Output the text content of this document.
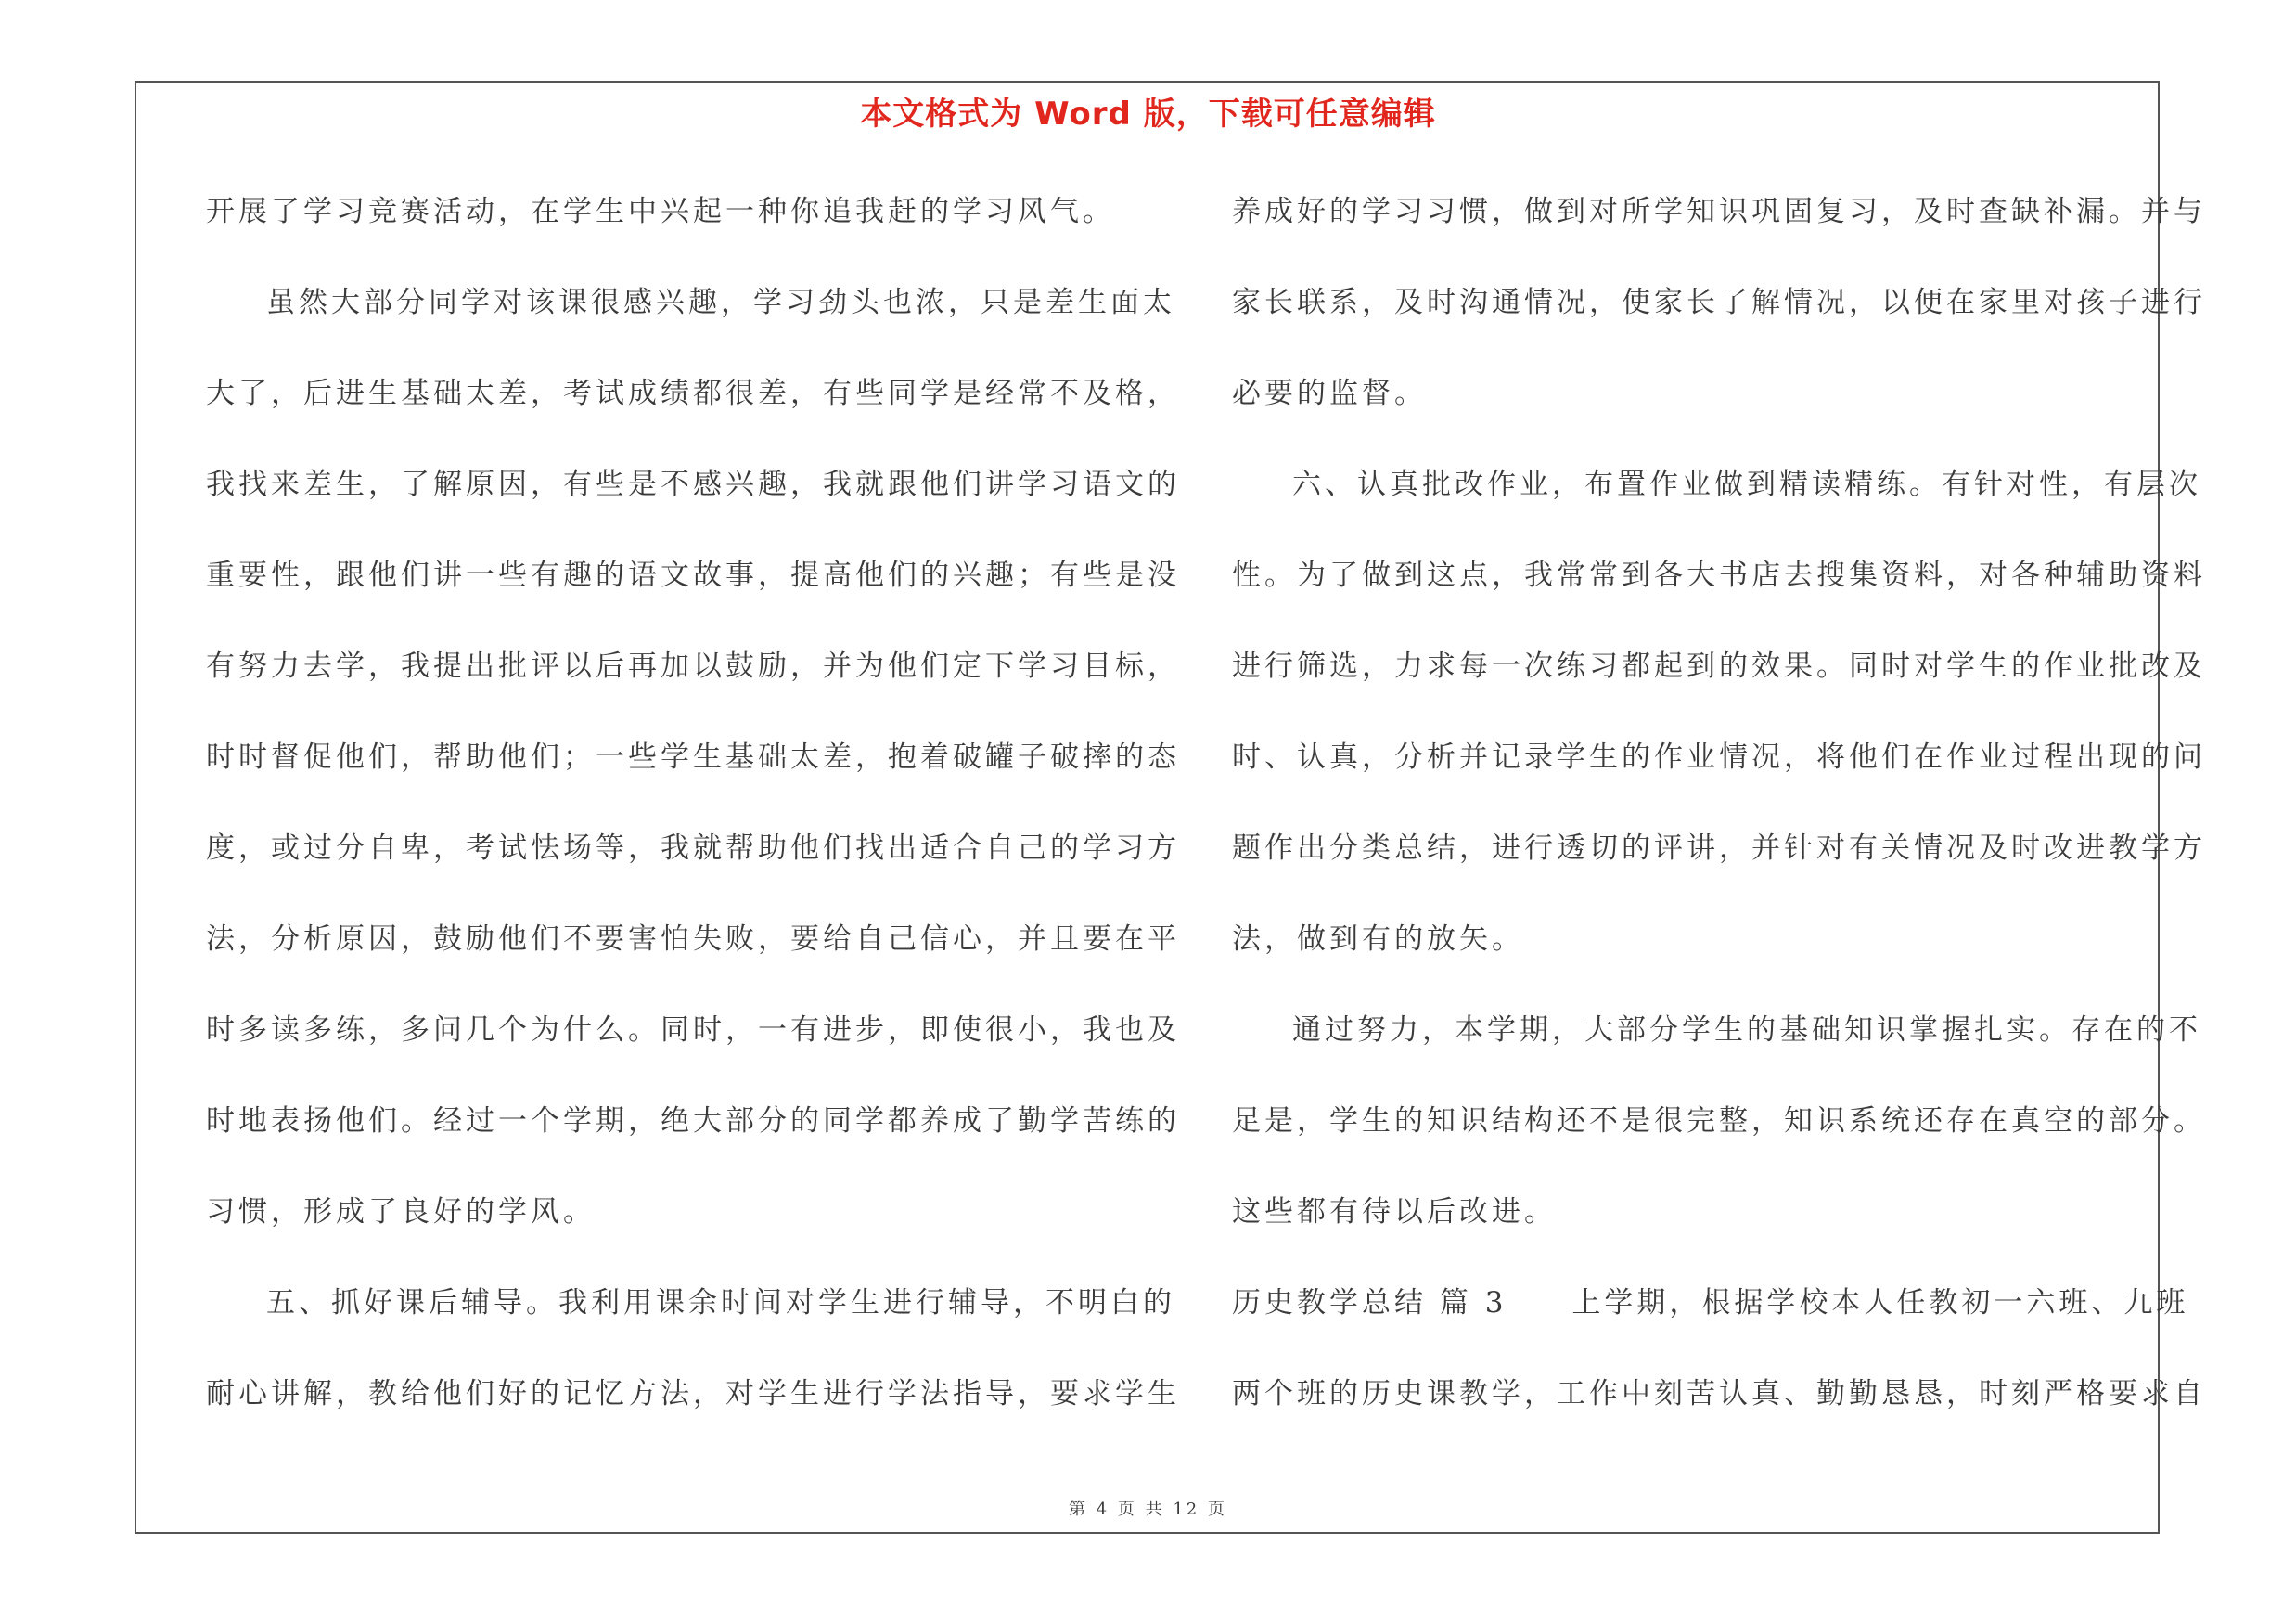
本文格式为 Word 版，下载可任意编辑
开展了学习竞赛活动，在学生中兴起一种你追我赶的学习风气。
虽然大部分同学对该课很感兴趣，学习劲头也浓，只是差生面太
大了，后进生基础太差，考试成绩都很差，有些同学是经常不及格，
我找来差生，了解原因，有些是不感兴趣，我就跟他们讲学习语文的
重要性，跟他们讲一些有趣的语文故事，提高他们的兴趣；有些是没
有努力去学，我提出批评以后再加以鼓励，并为他们定下学习目标，
时时督促他们，帮助他们；一些学生基础太差，抱着破罐子破摔的态
度，或过分自卑，考试怯场等，我就帮助他们找出适合自己的学习方
法，分析原因，鼓励他们不要害怕失败，要给自己信心，并且要在平
时多读多练，多问几个为什么。同时，一有进步，即使很小，我也及
时地表扬他们。经过一个学期，绝大部分的同学都养成了勤学苦练的
习惯，形成了良好的学风。
五、抓好课后辅导。我利用课余时间对学生进行辅导，不明白的
耐心讲解，教给他们好的记忆方法，对学生进行学法指导，要求学生
养成好的学习习惯，做到对所学知识巩固复习，及时查缺补漏。并与
家长联系，及时沟通情况，使家长了解情况，以便在家里对孩子进行
必要的监督。
六、认真批改作业，布置作业做到精读精练。有针对性，有层次
性。为了做到这点，我常常到各大书店去搜集资料，对各种辅助资料
进行筛选，力求每一次练习都起到的效果。同时对学生的作业批改及
时、认真，分析并记录学生的作业情况，将他们在作业过程出现的问
题作出分类总结，进行透切的评讲，并针对有关情况及时改进教学方
法，做到有的放矢。
通过努力，本学期，大部分学生的基础知识掌握扎实。存在的不
足是，学生的知识结构还不是很完整，知识系统还存在真空的部分。
这些都有待以后改进。
历史教学总结 篇 3　　上学期，根据学校本人任教初一六班、九班
两个班的历史课教学，工作中刻苦认真、勤勤恳恳，时刻严格要求自
第 4 页 共 12 页
